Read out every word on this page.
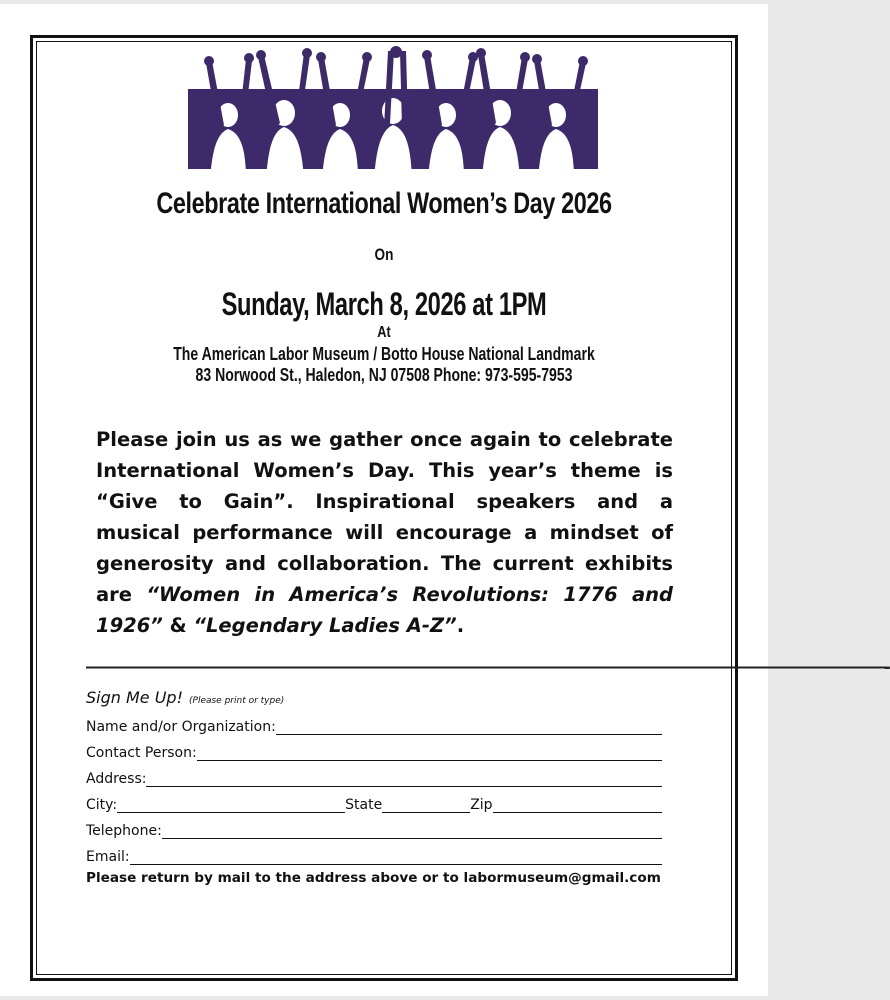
Celebrate International Women’s Day 2026
On
Sunday, March 8, 2026 at 1PM
At
The American Labor Museum / Botto House National Landmark
83 Norwood St., Haledon, NJ 07508 Phone: 973-595-7953

Please join us as we gather once again to celebrate International Women’s Day. This year’s theme is “Give to Gain”. Inspirational speakers and a musical performance will encourage a mindset of generosity and collaboration. The current exhibits are “Women in America’s Revolutions: 1776 and 1926” & “Legendary Ladies A-Z”.

——————————————————————————————————————————-
Sign Me Up! (Please print or type)
Name and/or Organization:
Contact Person:
Address:
City:	State	Zip
Telephone:
Email:
Please return by mail to the address above or to labormuseum@gmail.com
